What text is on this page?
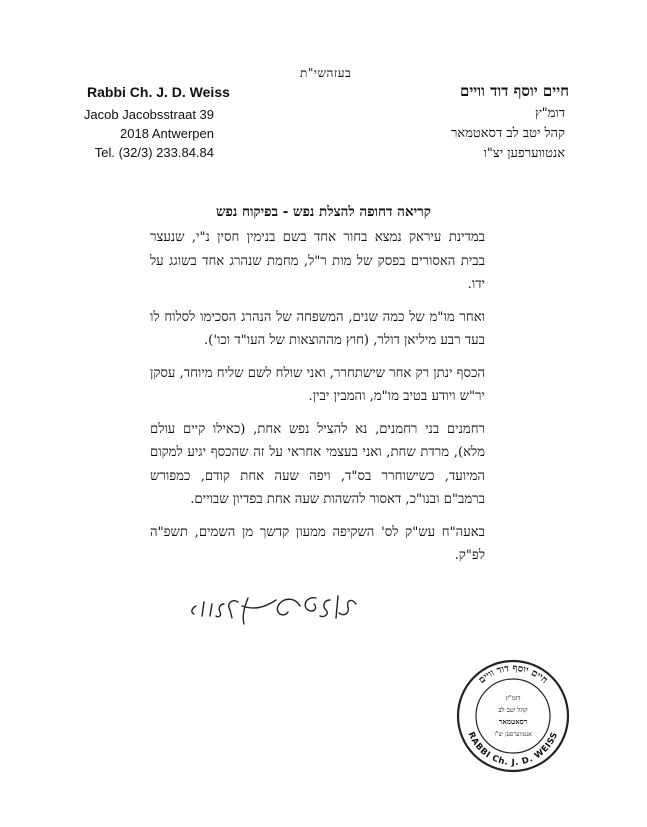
בעזהשי"ת
Rabbi Ch. J. D. Weiss
Jacob Jacobsstraat 39
2018 Antwerpen
Tel. (32/3) 233.84.84
חיים יוסף דוד וויים
דומ"ץ
קהל יטב לב דסאטמאר
אנטווערפען יצ"ו
קריאה דחופה להצלת נפש - בפיקוח נפש

במדינת עיראק נמצא בחור אחד בשם בנימין חסין נ"י, שנעצר בבית האסורים בפסק של מות ר"ל, מחמת שנהרג אחד בשוגג על ידו.

ואחר מו"מ של כמה שנים, המשפחה של הנהרג הסכימו לסלוח לו בעד רבע מיליאן דולר, (חוץ מההוצאות של העו"ד וכו').

הכסף ינתן רק אחר שישתחרר, ואני שולח לשם שליח מיוחד, עסקן יר"ש ויודע בטיב מו"מ, והמבין יבין.

רחמנים בני רחמנים, נא להציל נפש אחת, (כאילו קיים עולם מלא), מרדת שחת, ואני בעצמי אחראי על זה שהכסף יגיע למקום המיועד, כשישוחרר בס"ד, ויפה שעה אחת קודם, כמפורש ברמב"ם ובנו"כ, דאסור להשהות שעה אחת בפדיון שבויים.

באעה"ח עש"ק לס' השקיפה ממעון קדשך מן השמים, תשפ"ה לפ"ק.

חיים יוסף דוד וויים
RABBI Ch. J. D. WEISS
דומ"ץ
קהל יטב לב
דסאטמאר
אנטווערפען יצ"ו
